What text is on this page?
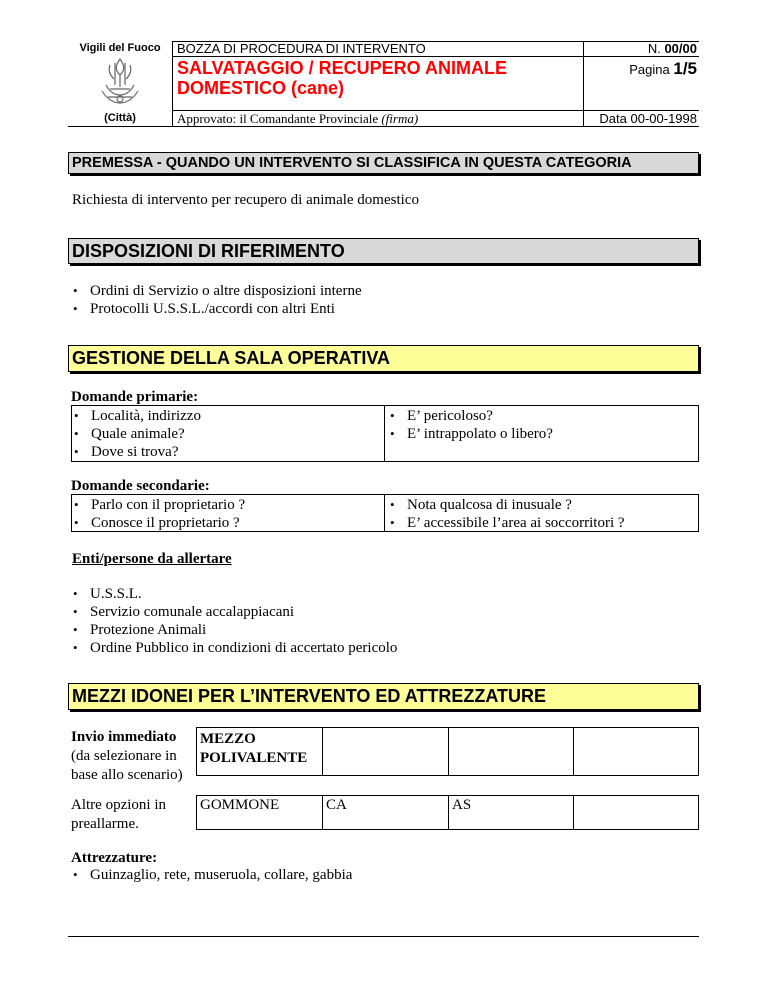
Vigili del Fuoco
(Città)
BOZZA DI PROCEDURA DI INTERVENTO
SALVATAGGIO / RECUPERO ANIMALE
DOMESTICO (cane)
Approvato: il Comandante Provinciale (firma)
N. 00/00
Pagina 1/5
Data 00-00-1998
PREMESSA - QUANDO UN INTERVENTO SI CLASSIFICA IN QUESTA CATEGORIA
Richiesta di intervento per recupero di animale domestico
DISPOSIZIONI DI RIFERIMENTO
• Ordini di Servizio o altre disposizioni interne
• Protocolli U.S.S.L./accordi con altri Enti
GESTIONE DELLA SALA OPERATIVA
Domande primarie:
• Località, indirizzo
• Quale animale?
• Dove si trova?
• E’ pericoloso?
• E’ intrappolato o libero?
Domande secondarie:
• Parlo con il proprietario ?
• Conosce il proprietario ?
• Nota qualcosa di inusuale ?
• E’ accessibile l’area ai soccorritori ?
Enti/persone da allertare
• U.S.S.L.
• Servizio comunale accalappiacani
• Protezione Animali
• Ordine Pubblico in condizioni di accertato pericolo
MEZZI IDONEI PER L’INTERVENTO ED ATTREZZATURE
Invio immediato
(da selezionare in
base allo scenario)
MEZZO
POLIVALENTE
Altre opzioni in
preallarme.
GOMMONE	CA	AS
Attrezzature:
• Guinzaglio, rete, museruola, collare, gabbia
